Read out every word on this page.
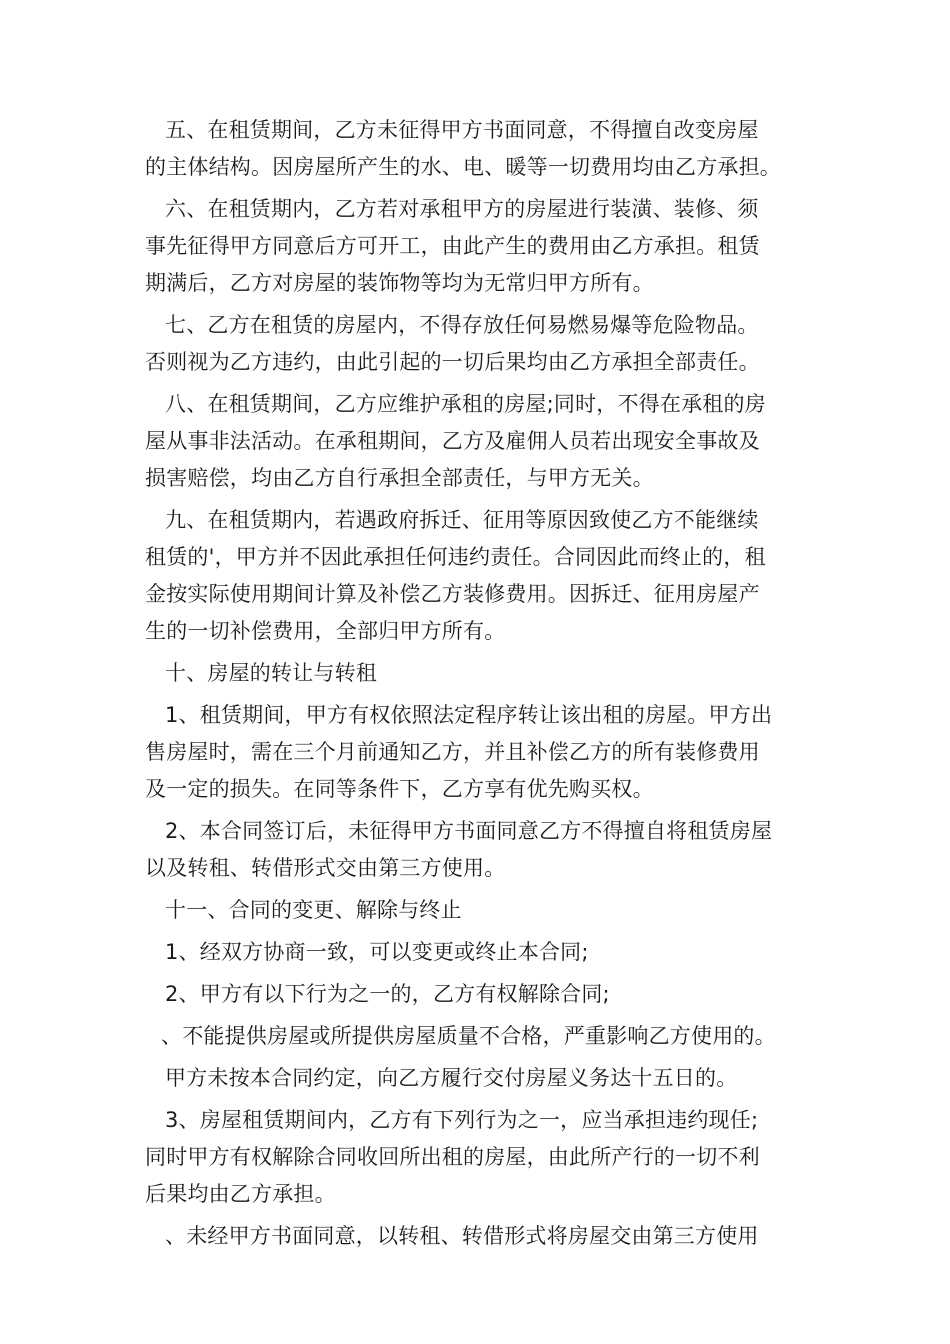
五、在租赁期间，乙方未征得甲方书面同意，不得擅自改变房屋
的主体结构。因房屋所产生的水、电、暖等一切费用均由乙方承担。

六、在租赁期内，乙方若对承租甲方的房屋进行装潢、装修、须
事先征得甲方同意后方可开工，由此产生的费用由乙方承担。租赁
期满后，乙方对房屋的装饰物等均为无常归甲方所有。

七、乙方在租赁的房屋内，不得存放任何易燃易爆等危险物品。
否则视为乙方违约，由此引起的一切后果均由乙方承担全部责任。

八、在租赁期间，乙方应维护承租的房屋;同时，不得在承租的房
屋从事非法活动。在承租期间，乙方及雇佣人员若出现安全事故及
损害赔偿，均由乙方自行承担全部责任，与甲方无关。

九、在租赁期内，若遇政府拆迁、征用等原因致使乙方不能继续
租赁的'，甲方并不因此承担任何违约责任。合同因此而终止的，租
金按实际使用期间计算及补偿乙方装修费用。因拆迁、征用房屋产
生的一切补偿费用，全部归甲方所有。

十、房屋的转让与转租

1、租赁期间，甲方有权依照法定程序转让该出租的房屋。甲方出
售房屋时，需在三个月前通知乙方，并且补偿乙方的所有装修费用
及一定的损失。在同等条件下，乙方享有优先购买权。

2、本合同签订后，未征得甲方书面同意乙方不得擅自将租赁房屋
以及转租、转借形式交由第三方使用。

十一、合同的变更、解除与终止

1、经双方协商一致，可以变更或终止本合同;

2、甲方有以下行为之一的，乙方有权解除合同;

、不能提供房屋或所提供房屋质量不合格，严重影响乙方使用的。

甲方未按本合同约定，向乙方履行交付房屋义务达十五日的。

3、房屋租赁期间内，乙方有下列行为之一，应当承担违约现任;
同时甲方有权解除合同收回所出租的房屋，由此所产行的一切不利
后果均由乙方承担。

、未经甲方书面同意，以转租、转借形式将房屋交由第三方使用
